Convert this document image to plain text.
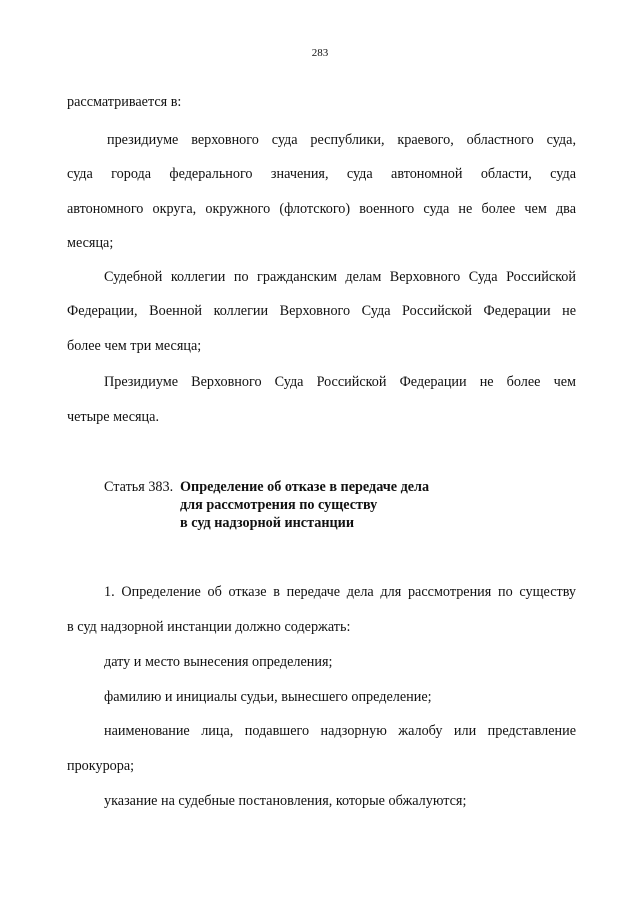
283
рассматривается в:
президиуме верховного суда республики, краевого, областного суда,
суда города федерального значения, суда автономной области, суда
автономного округа, окружного (флотского) военного суда не более чем два
месяца;
Судебной коллегии по гражданским делам Верховного Суда Российской
Федерации, Военной коллегии Верховного Суда Российской Федерации не
более чем три месяца;
Президиуме Верховного Суда Российской Федерации не более чем
четыре месяца.
Статья 383. Определение об отказе в передаче дела
для рассмотрения по существу
в суд надзорной инстанции
1. Определение об отказе в передаче дела для рассмотрения по существу
в суд надзорной инстанции должно содержать:
дату и место вынесения определения;
фамилию и инициалы судьи, вынесшего определение;
наименование лица, подавшего надзорную жалобу или представление
прокурора;
указание на судебные постановления, которые обжалуются;
